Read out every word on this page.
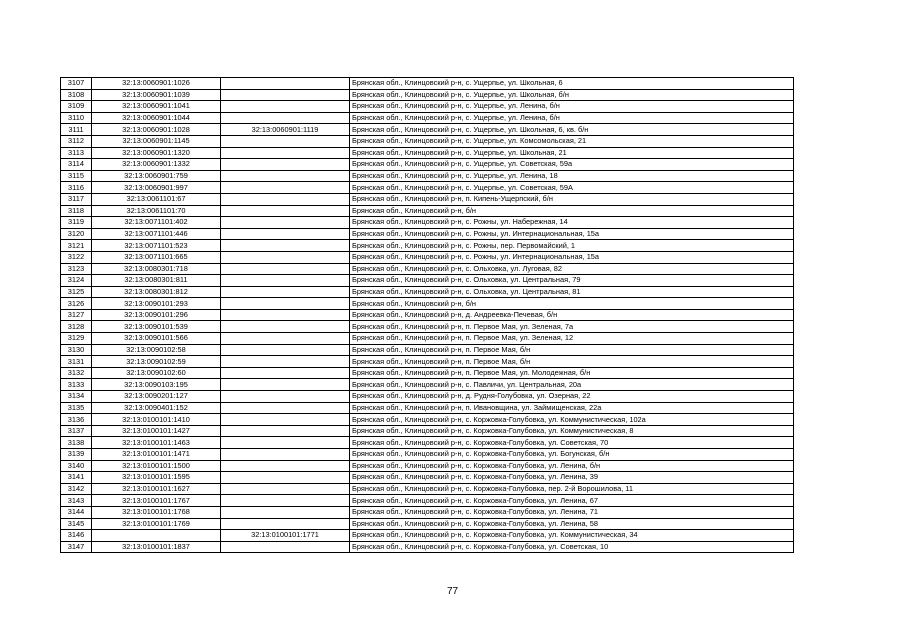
3107	32:13:0060901:1026		Брянская обл., Клинцовский р-н, с. Ущерпье, ул. Школьная, 6
3108	32:13:0060901:1039		Брянская обл., Клинцовский р-н, с. Ущерпье, ул. Школьная, б/н
3109	32:13:0060901:1041		Брянская обл., Клинцовский р-н, с. Ущерпье, ул. Ленина, б/н
3110	32:13:0060901:1044		Брянская обл., Клинцовский р-н, с. Ущерпье, ул. Ленина, б/н
3111	32:13:0060901:1028	32:13:0060901:1119	Брянская обл., Клинцовский р-н, с. Ущерпье, ул. Школьная, 6, кв. б/н
3112	32:13:0060901:1145		Брянская обл., Клинцовский р-н, с. Ущерпье, ул. Комсомольская, 21
3113	32:13:0060901:1320		Брянская обл., Клинцовский р-н, с. Ущерпье, ул. Школьная, 21
3114	32:13:0060901:1332		Брянская обл., Клинцовский р-н, с. Ущерпье, ул. Советская, 59а
3115	32:13:0060901:759		Брянская обл., Клинцовский р-н, с. Ущерпье, ул. Ленина, 18
3116	32:13:0060901:997		Брянская обл., Клинцовский р-н, с. Ущерпье, ул. Советская, 59А
3117	32:13:0061101:67		Брянская обл., Клинцовский р-н, п. Кипень-Ущерпский, б/н
3118	32:13:0061101:70		Брянская обл., Клинцовский р-н, б/н
3119	32:13:0071101:402		Брянская обл., Клинцовский р-н, с. Рожны, ул. Набережная, 14
3120	32:13:0071101:446		Брянская обл., Клинцовский р-н, с. Рожны, ул. Интернациональная, 15а
3121	32:13:0071101:523		Брянская обл., Клинцовский р-н, с. Рожны, пер. Первомайский, 1
3122	32:13:0071101:665		Брянская обл., Клинцовский р-н, с. Рожны, ул. Интернациональная, 15а
3123	32:13:0080301:718		Брянская обл., Клинцовский р-н, с. Ольховка, ул. Луговая, 82
3124	32:13:0080301:811		Брянская обл., Клинцовский р-н, с. Ольховка, ул. Центральная, 79
3125	32:13:0080301:812		Брянская обл., Клинцовский р-н, с. Ольховка, ул. Центральная, 81
3126	32:13:0090101:293		Брянская обл., Клинцовский р-н, б/н
3127	32:13:0090101:296		Брянская обл., Клинцовский р-н, д. Андреевка-Печевая, б/н
3128	32:13:0090101:539		Брянская обл., Клинцовский р-н, п. Первое Мая, ул. Зеленая, 7а
3129	32:13:0090101:566		Брянская обл., Клинцовский р-н, п. Первое Мая, ул. Зеленая, 12
3130	32:13:0090102:58		Брянская обл., Клинцовский р-н, п. Первое Мая, б/н
3131	32:13:0090102:59		Брянская обл., Клинцовский р-н, п. Первое Мая, б/н
3132	32:13:0090102:60		Брянская обл., Клинцовский р-н, п. Первое Мая, ул. Молодежная, б/н
3133	32:13:0090103:195		Брянская обл., Клинцовский р-н, с. Павличи, ул. Центральная, 20а
3134	32:13:0090201:127		Брянская обл., Клинцовский р-н, д. Рудня-Голубовка, ул. Озерная, 22
3135	32:13:0090401:152		Брянская обл., Клинцовский р-н, п. Ивановщина, ул. Займищенская, 22а
3136	32:13:0100101:1410		Брянская обл., Клинцовский р-н, с. Коржовка-Голубовка, ул. Коммунистическая, 102а
3137	32:13:0100101:1427		Брянская обл., Клинцовский р-н, с. Коржовка-Голубовка, ул. Коммунистическая, 8
3138	32:13:0100101:1463		Брянская обл., Клинцовский р-н, с. Коржовка-Голубовка, ул. Советская, 70
3139	32:13:0100101:1471		Брянская обл., Клинцовский р-н, с. Коржовка-Голубовка, ул. Богунская, б/н
3140	32:13:0100101:1500		Брянская обл., Клинцовский р-н, с. Коржовка-Голубовка, ул. Ленина, б/н
3141	32:13:0100101:1595		Брянская обл., Клинцовский р-н, с. Коржовка-Голубовка, ул. Ленина, 39
3142	32:13:0100101:1627		Брянская обл., Клинцовский р-н, с. Коржовка-Голубовка, пер. 2-й Ворошилова, 11
3143	32:13:0100101:1767		Брянская обл., Клинцовский р-н, с. Коржовка-Голубовка, ул. Ленина, 67
3144	32:13:0100101:1768		Брянская обл., Клинцовский р-н, с. Коржовка-Голубовка, ул. Ленина, 71
3145	32:13:0100101:1769		Брянская обл., Клинцовский р-н, с. Коржовка-Голубовка, ул. Ленина, 58
3146		32:13:0100101:1771	Брянская обл., Клинцовский р-н, с. Коржовка-Голубовка, ул. Коммунистическая, 34
3147	32:13:0100101:1837		Брянская обл., Клинцовский р-н, с. Коржовка-Голубовка, ул. Советская, 10
77
